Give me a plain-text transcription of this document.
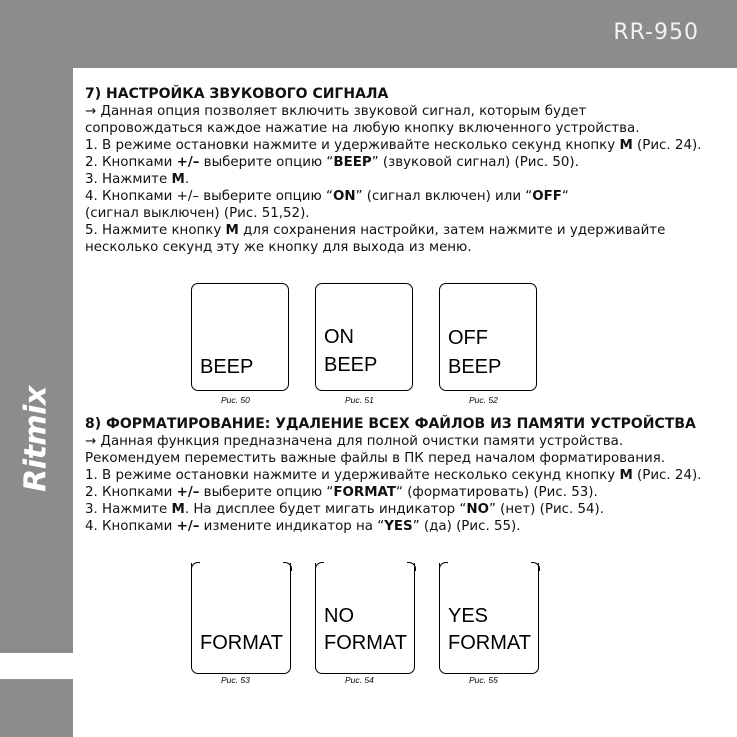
RR-950
Ritmix

7) НАСТРОЙКА ЗВУКОВОГО СИГНАЛА

→ Данная опция позволяет включить звуковой сигнал, которым будет

сопровождаться каждое нажатие на любую кнопку включенного устройства.

1. В режиме остановки нажмите и удерживайте несколько секунд кнопку M (Рис. 24).

2. Кнопками +/– выберите опцию “BEEP” (звуковой сигнал) (Рис. 50).

3. Нажмите M.

4. Кнопками +/– выберите опцию “ON” (сигнал включен) или “OFF“

(сигнал выключен) (Рис. 51,52).

5. Нажмите кнопку M для сохранения настройки, затем нажмите и удерживайте

несколько секунд эту же кнопку для выхода из меню.

BEEP
Рис. 50
ON
BEEP
Рис. 51
OFF
BEEP
Рис. 52

8) ФОРМАТИРОВАНИЕ: УДАЛЕНИЕ ВСЕХ ФАЙЛОВ ИЗ ПАМЯТИ УСТРОЙСТВА

→ Данная функция предназначена для полной очистки памяти устройства.

Рекомендуем переместить важные файлы в ПК перед началом форматирования.

1. В режиме остановки нажмите и удерживайте несколько секунд кнопку M (Рис. 24).

2. Кнопками +/– выберите опцию “FORMAT“ (форматировать) (Рис. 53).

3. Нажмите M. На дисплее будет мигать индикатор “NO” (нет) (Рис. 54).

4. Кнопками +/– измените индикатор на “YES” (да) (Рис. 55).

FORMAT
Рис. 53
NO
FORMAT
Рис. 54
YES
FORMAT
Рис. 55
